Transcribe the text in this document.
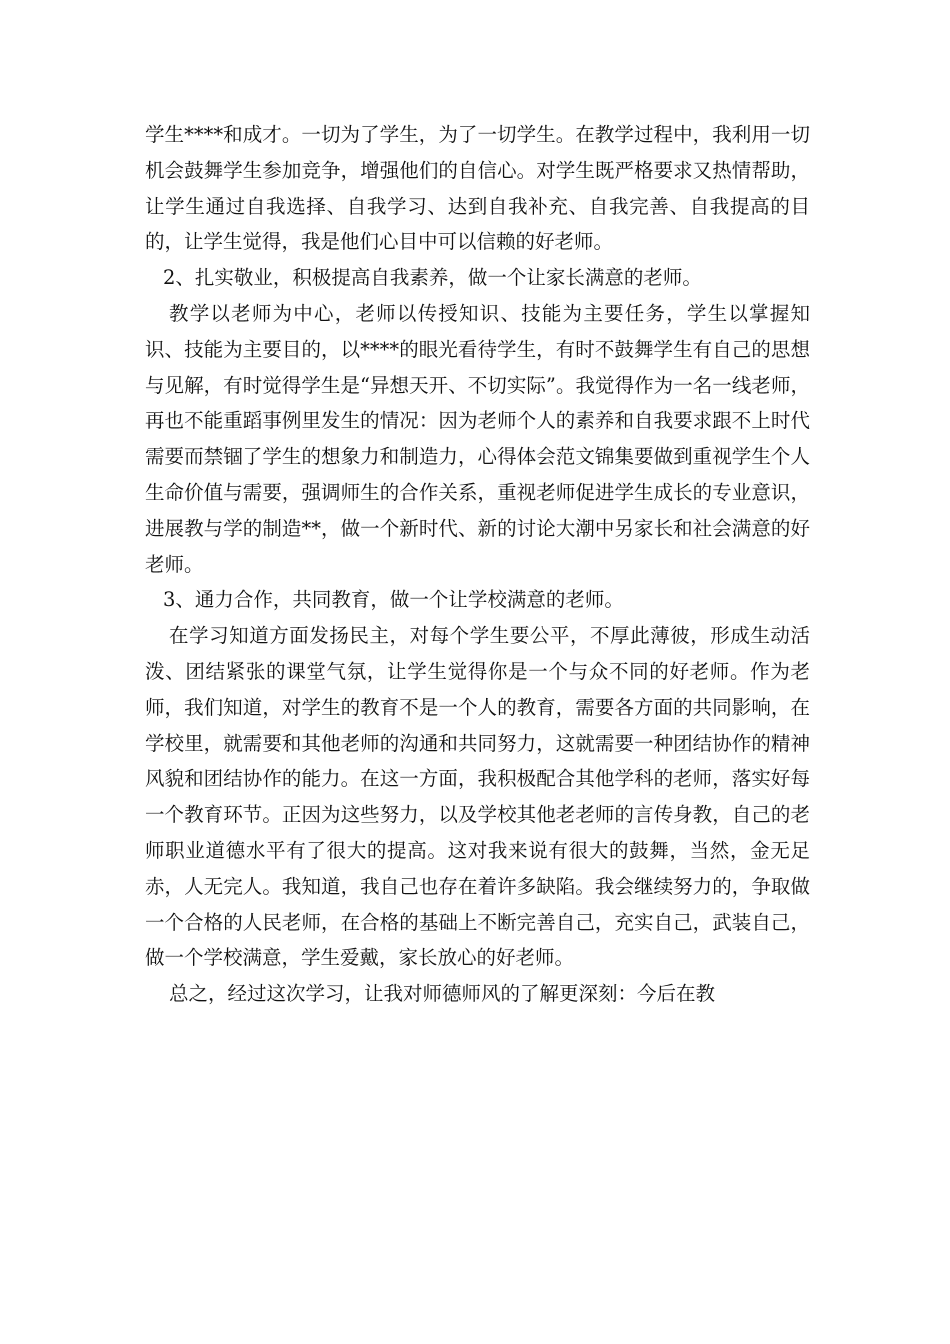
学生****和成才。一切为了学生，为了一切学生。在教学过程中，我利用一切机会鼓舞学生参加竞争，增强他们的自信心。对学生既严格要求又热情帮助，让学生通过自我选择、自我学习、达到自我补充、自我完善、自我提高的目的，让学生觉得，我是他们心目中可以信赖的好老师。

2、扎实敬业，积极提高自我素养，做一个让家长满意的老师。

教学以老师为中心，老师以传授知识、技能为主要任务，学生以掌握知识、技能为主要目的，以****的眼光看待学生，有时不鼓舞学生有自己的思想与见解，有时觉得学生是“异想天开、不切实际”。我觉得作为一名一线老师，再也不能重蹈事例里发生的情况：因为老师个人的素养和自我要求跟不上时代需要而禁锢了学生的想象力和制造力，心得体会范文锦集要做到重视学生个人生命价值与需要，强调师生的合作关系，重视老师促进学生成长的专业意识，进展教与学的制造**，做一个新时代、新的讨论大潮中另家长和社会满意的好老师。

3、通力合作，共同教育，做一个让学校满意的老师。

在学习知道方面发扬民主，对每个学生要公平，不厚此薄彼，形成生动活泼、团结紧张的课堂气氛，让学生觉得你是一个与众不同的好老师。作为老师，我们知道，对学生的教育不是一个人的教育，需要各方面的共同影响，在学校里，就需要和其他老师的沟通和共同努力，这就需要一种团结协作的精神风貌和团结协作的能力。在这一方面，我积极配合其他学科的老师，落实好每一个教育环节。正因为这些努力，以及学校其他老老师的言传身教，自己的老师职业道德水平有了很大的提高。这对我来说有很大的鼓舞，当然，金无足赤，人无完人。我知道，我自己也存在着许多缺陷。我会继续努力的，争取做一个合格的人民老师，在合格的基础上不断完善自己，充实自己，武装自己，做一个学校满意，学生爱戴，家长放心的好老师。

总之，经过这次学习，让我对师德师风的了解更深刻：今后在教
